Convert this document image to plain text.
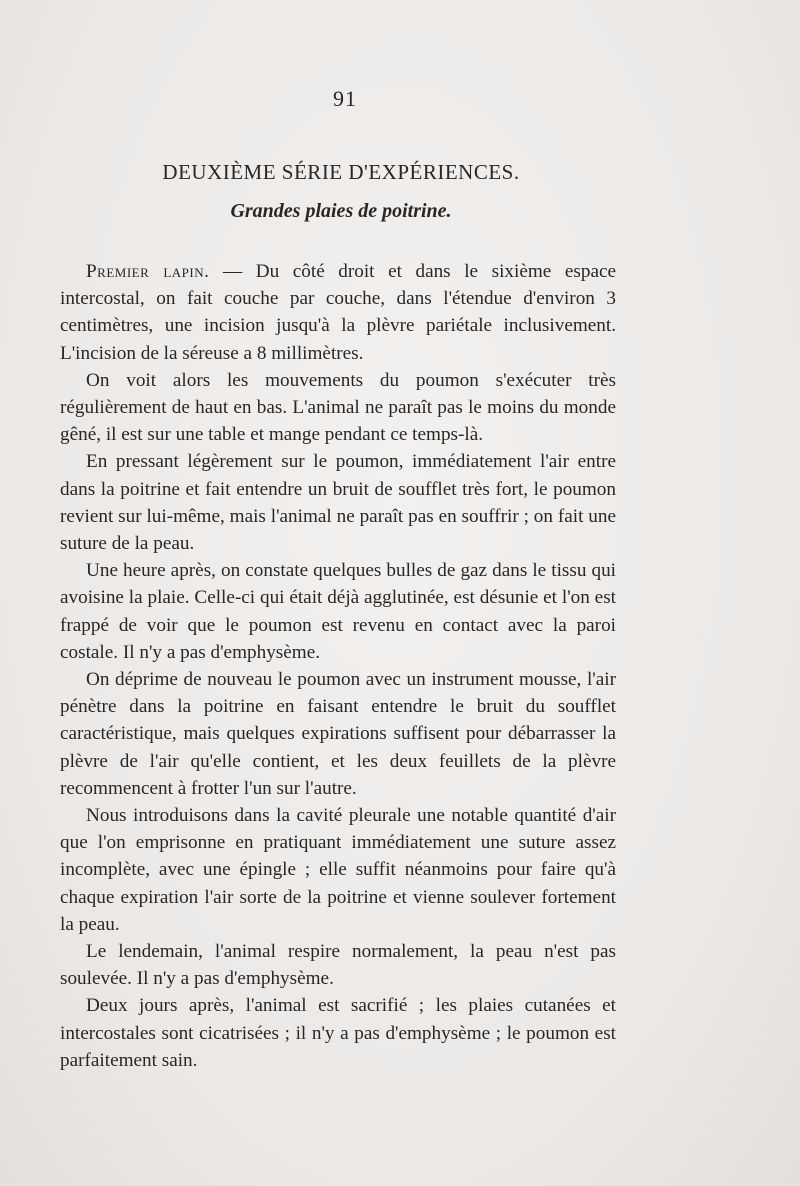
91
DEUXIÈME SÉRIE D'EXPÉRIENCES.
Grandes plaies de poitrine.

Premier lapin. — Du côté droit et dans le sixième espace intercostal, on fait couche par couche, dans l'étendue d'environ 3 centimètres, une incision jusqu'à la plèvre pariétale inclusivement. L'incision de la séreuse a 8 millimètres.

On voit alors les mouvements du poumon s'exécuter très régulièrement de haut en bas. L'animal ne paraît pas le moins du monde gêné, il est sur une table et mange pendant ce temps-là.

En pressant légèrement sur le poumon, immédiatement l'air entre dans la poitrine et fait entendre un bruit de soufflet très fort, le poumon revient sur lui-même, mais l'animal ne paraît pas en souffrir ; on fait une suture de la peau.

Une heure après, on constate quelques bulles de gaz dans le tissu qui avoisine la plaie. Celle-ci qui était déjà agglutinée, est désunie et l'on est frappé de voir que le poumon est revenu en contact avec la paroi costale. Il n'y a pas d'emphysème.

On déprime de nouveau le poumon avec un instrument mousse, l'air pénètre dans la poitrine en faisant entendre le bruit du soufflet caractéristique, mais quelques expirations suffisent pour débarrasser la plèvre de l'air qu'elle contient, et les deux feuillets de la plèvre recommencent à frotter l'un sur l'autre.

Nous introduisons dans la cavité pleurale une notable quantité d'air que l'on emprisonne en pratiquant immédiatement une suture assez incomplète, avec une épingle ; elle suffit néanmoins pour faire qu'à chaque expiration l'air sorte de la poitrine et vienne soulever fortement la peau.

Le lendemain, l'animal respire normalement, la peau n'est pas soulevée. Il n'y a pas d'emphysème.

Deux jours après, l'animal est sacrifié ; les plaies cutanées et intercostales sont cicatrisées ; il n'y a pas d'emphysème ; le poumon est parfaitement sain.
